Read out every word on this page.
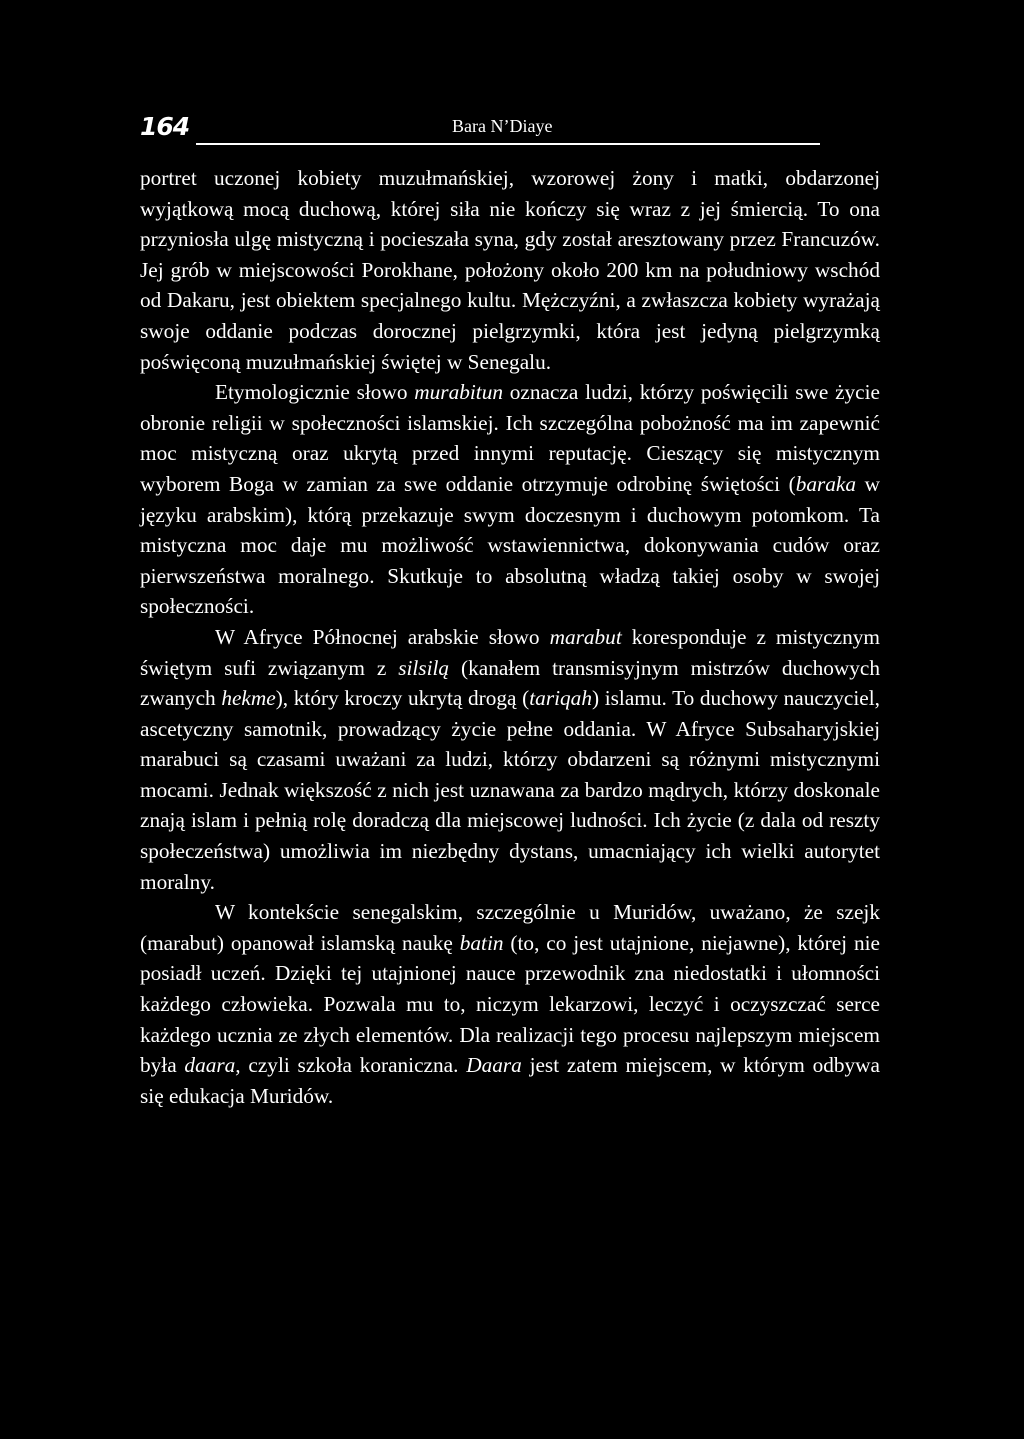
164	Bara N’Diaye

portret uczonej kobiety muzułmańskiej, wzorowej żony i matki, obdarzonej wyjątkową mocą duchową, której siła nie kończy się wraz z jej śmiercią. To ona przyniosła ulgę mistyczną i pocieszała syna, gdy został aresztowany przez Francuzów. Jej grób w miejscowości Porokhane, położony około 200 km na południowy wschód od Dakaru, jest obiektem specjalnego kultu. Mężczyźni, a zwłaszcza kobiety wyrażają swoje oddanie podczas dorocznej pielgrzymki, która jest jedyną pielgrzymką poświęconą muzułmańskiej świętej w Senegalu.

Etymologicznie słowo murabitun oznacza ludzi, którzy poświęcili swe życie obronie religii w społeczności islamskiej. Ich szczególna pobożność ma im zapewnić moc mistyczną oraz ukrytą przed innymi reputację. Cieszący się mistycznym wyborem Boga w zamian za swe oddanie otrzymuje odrobinę świętości (baraka w języku arabskim), którą przekazuje swym doczesnym i duchowym potomkom. Ta mistyczna moc daje mu możliwość wstawiennictwa, dokonywania cudów oraz pierwszeństwa moralnego. Skutkuje to absolutną władzą takiej osoby w swojej społeczności.

W Afryce Północnej arabskie słowo marabut koresponduje z mistycznym świętym sufi związanym z silsilą (kanałem transmisyjnym mistrzów duchowych zwanych hekme), który kroczy ukrytą drogą (tariqah) islamu. To duchowy nauczyciel, ascetyczny samotnik, prowadzący życie pełne oddania. W Afryce Subsaharyjskiej marabuci są czasami uważani za ludzi, którzy obdarzeni są różnymi mistycznymi mocami. Jednak większość z nich jest uznawana za bardzo mądrych, którzy doskonale znają islam i pełnią rolę doradczą dla miejscowej ludności. Ich życie (z dala od reszty społeczeństwa) umożliwia im niezbędny dystans, umacniający ich wielki autorytet moralny.

W kontekście senegalskim, szczególnie u Muridów, uważano, że szejk (marabut) opanował islamską naukę batin (to, co jest utajnione, niejawne), której nie posiadł uczeń. Dzięki tej utajnionej nauce przewodnik zna niedostatki i ułomności każdego człowieka. Pozwala mu to, niczym lekarzowi, leczyć i oczyszczać serce każdego ucznia ze złych elementów. Dla realizacji tego procesu najlepszym miejscem była daara, czyli szkoła koraniczna. Daara jest zatem miejscem, w którym odbywa się edukacja Muridów.
